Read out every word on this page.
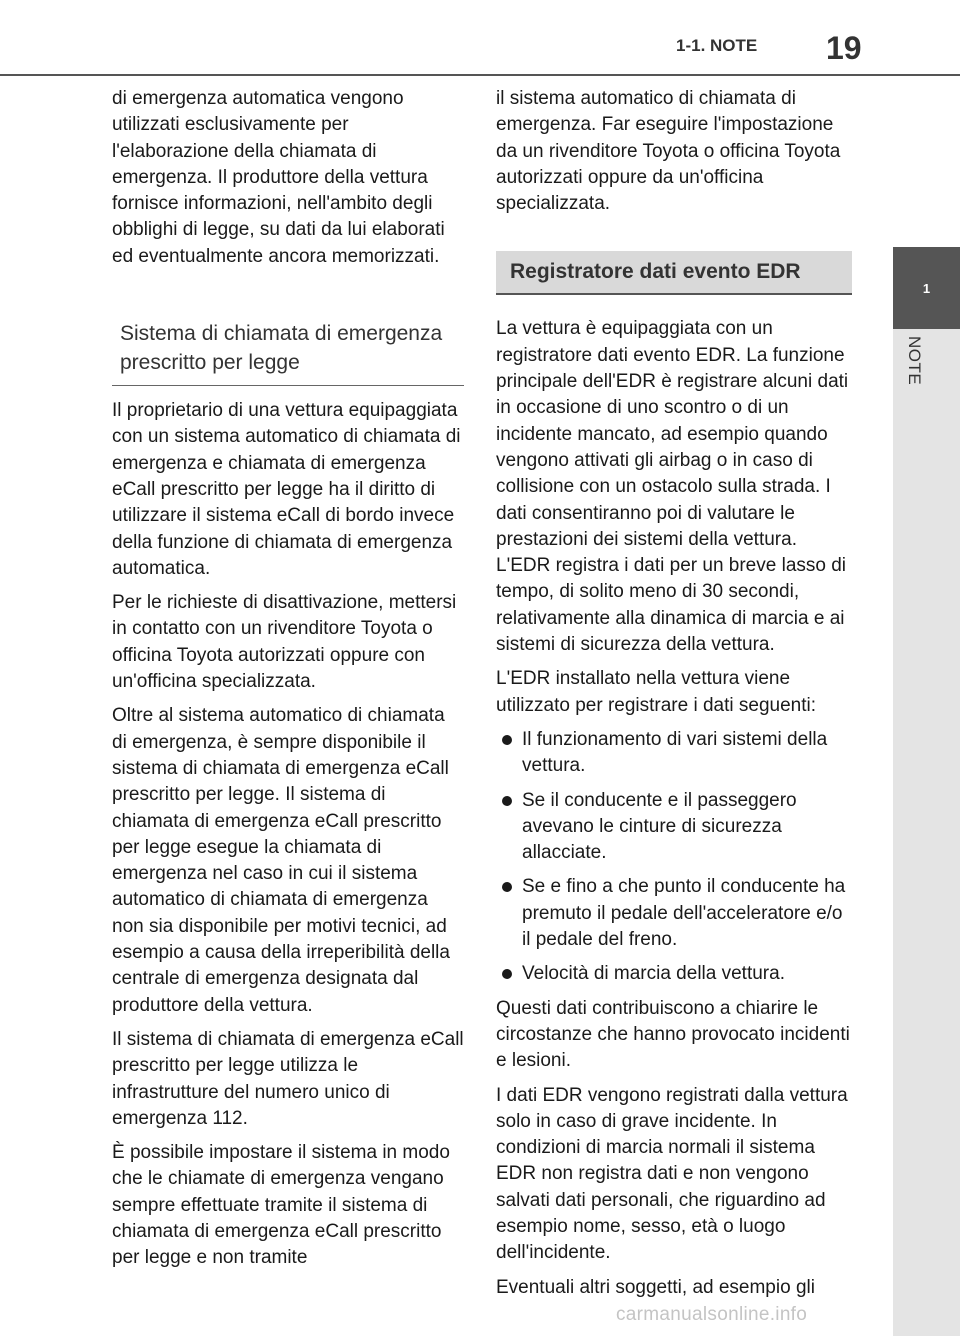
1-1. NOTE 19
1
NOTE

di emergenza automatica vengono utilizzati esclusivamente per l'elaborazione della chiamata di emergenza. Il produttore della vettura fornisce informazioni, nell'ambito degli obblighi di legge, su dati da lui elaborati ed eventualmente ancora memorizzati.

Sistema di chiamata di emergenza prescritto per legge

Il proprietario di una vettura equipaggiata con un sistema automatico di chiamata di emergenza e chiamata di emergenza eCall prescritto per legge ha il diritto di utilizzare il sistema eCall di bordo invece della funzione di chiamata di emergenza automatica.

Per le richieste di disattivazione, mettersi in contatto con un rivenditore Toyota o officina Toyota autorizzati oppure con un'officina specializzata.

Oltre al sistema automatico di chiamata di emergenza, è sempre disponibile il sistema di chiamata di emergenza eCall prescritto per legge. Il sistema di chiamata di emergenza eCall prescritto per legge esegue la chiamata di emergenza nel caso in cui il sistema automatico di chiamata di emergenza non sia disponibile per motivi tecnici, ad esempio a causa della irreperibilità della centrale di emergenza designata dal produttore della vettura.

Il sistema di chiamata di emergenza eCall prescritto per legge utilizza le infrastrutture del numero unico di emergenza 112.

È possibile impostare il sistema in modo che le chiamate di emergenza vengano sempre effettuate tramite il sistema di chiamata di emergenza eCall prescritto per legge e non tramite

il sistema automatico di chiamata di emergenza. Far eseguire l'impostazione da un rivenditore Toyota o officina Toyota autorizzati oppure da un'officina specializzata.

Registratore dati evento EDR

La vettura è equipaggiata con un registratore dati evento EDR. La funzione principale dell'EDR è registrare alcuni dati in occasione di uno scontro o di un incidente mancato, ad esempio quando vengono attivati gli airbag o in caso di collisione con un ostacolo sulla strada. I dati consentiranno poi di valutare le prestazioni dei sistemi della vettura. L'EDR registra i dati per un breve lasso di tempo, di solito meno di 30 secondi, relativamente alla dinamica di marcia e ai sistemi di sicurezza della vettura.

L'EDR installato nella vettura viene utilizzato per registrare i dati seguenti:

Il funzionamento di vari sistemi della vettura.
Se il conducente e il passeggero avevano le cinture di sicurezza allacciate.
Se e fino a che punto il conducente ha premuto il pedale dell'acceleratore e/o il pedale del freno.
Velocità di marcia della vettura.

Questi dati contribuiscono a chiarire le circostanze che hanno provocato incidenti e lesioni.

I dati EDR vengono registrati dalla vettura solo in caso di grave incidente. In condizioni di marcia normali il sistema EDR non registra dati e non vengono salvati dati personali, che riguardino ad esempio nome, sesso, età o luogo dell'incidente.

Eventuali altri soggetti, ad esempio gli

carmanualsonline.info
